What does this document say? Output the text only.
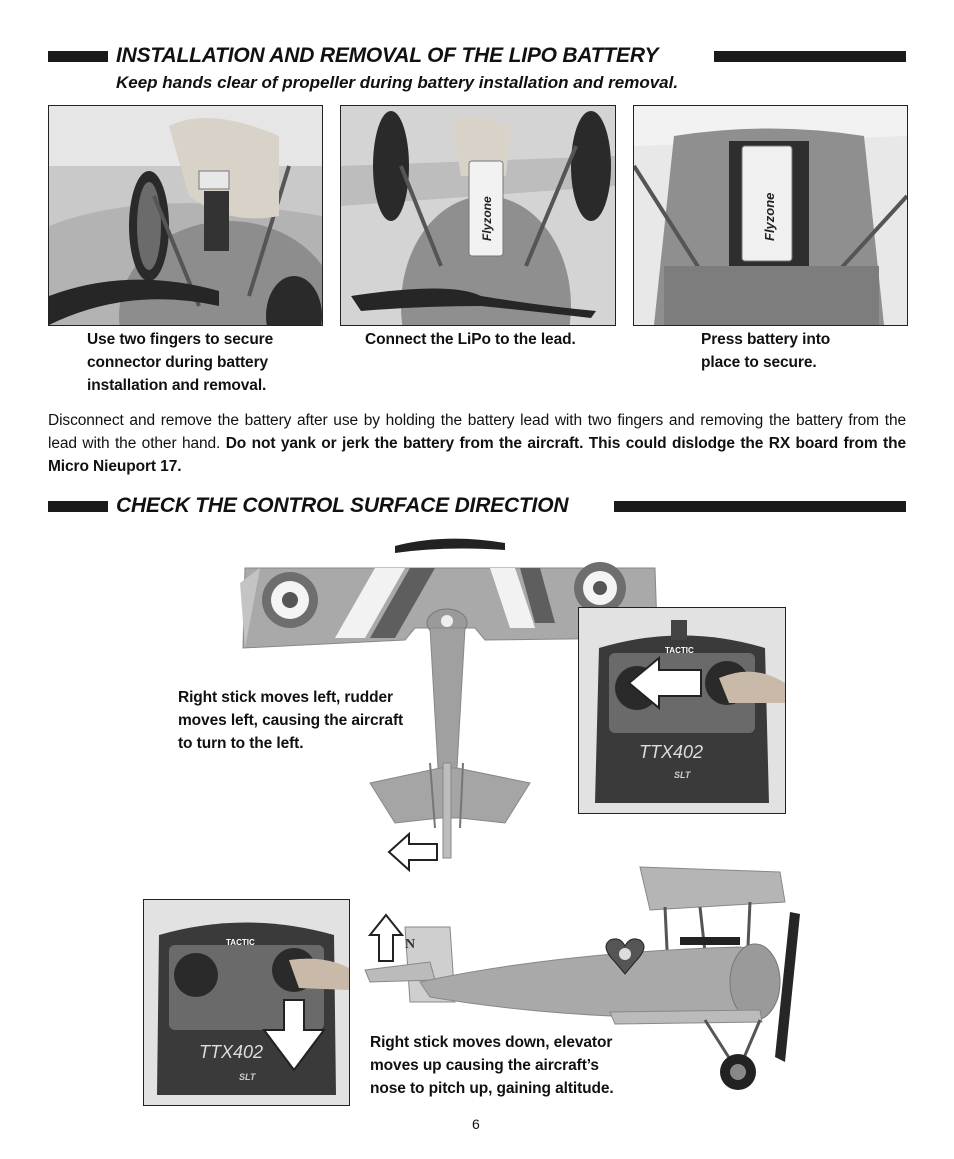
INSTALLATION AND REMOVAL OF THE LIPO BATTERY
Keep hands clear of propeller during battery installation and removal.
Use two fingers to secure
connector during battery
installation and removal.
Flyzone
Connect the LiPo to the lead.
Flyzone
Press battery into
place to secure.
Disconnect and remove the battery after use by holding the battery lead with two fingers and removing the battery from the lead with the other hand. Do not yank or jerk the battery from the aircraft. This could dislodge the RX board from the Micro Nieuport 17.
CHECK THE CONTROL SURFACE DIRECTION
Right stick moves left, rudder
moves left, causing the aircraft
to turn to the left.
TACTIC
TTX402
SLT
TACTIC
TTX402
SLT
N
Right stick moves down, elevator
moves up causing the aircraft’s
nose to pitch up, gaining altitude.
6
